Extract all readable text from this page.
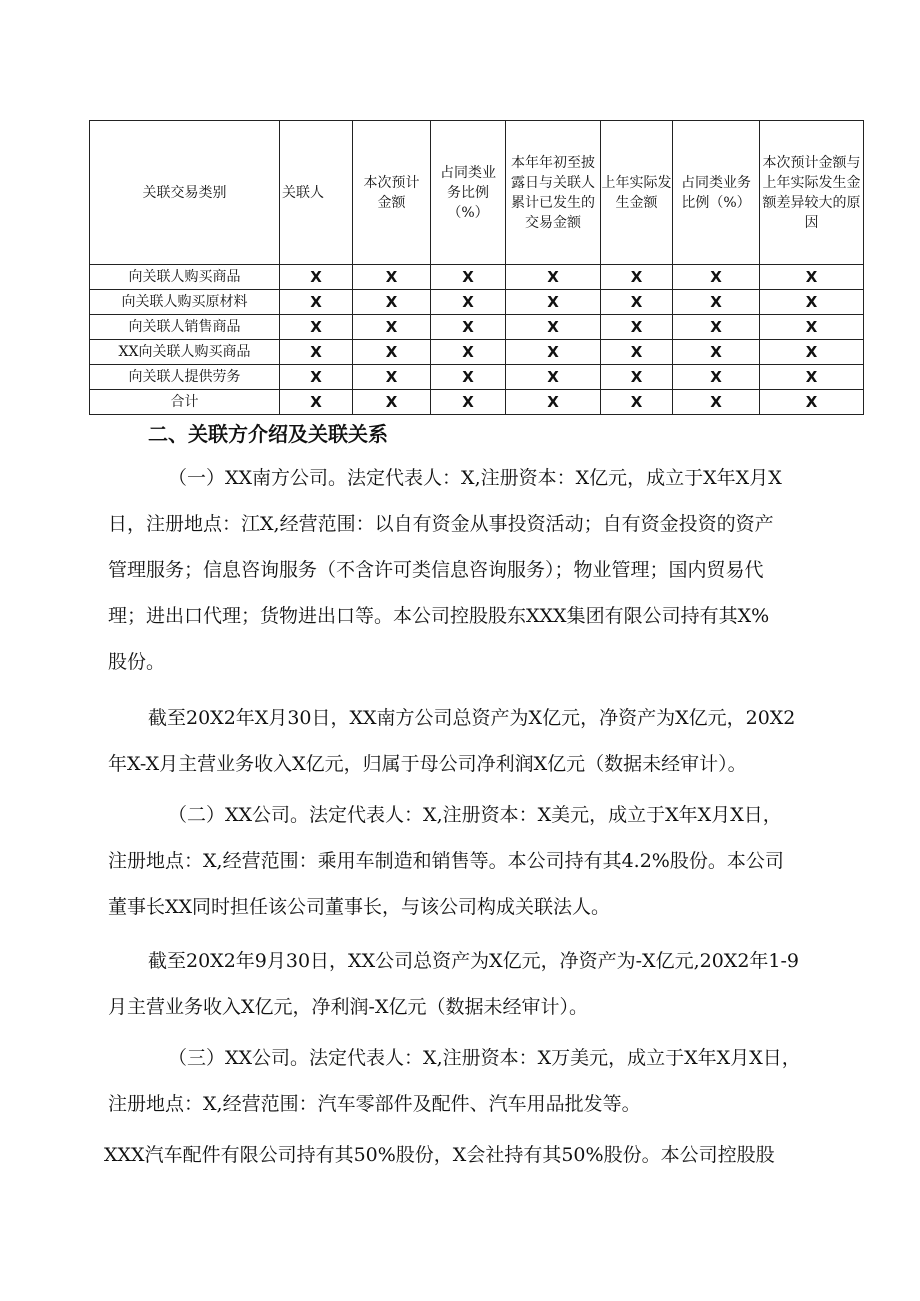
关联交易类别	关联人	本次预计金额	占同类业务比例（%）	本年年初至披露日与关联人累计已发生的交易金额	上年实际发生金额	占同类业务比例（%）	本次预计金额与上年实际发生金额差异较大的原因
向关联人购买商品	X	X	X	X	X	X	X
向关联人购买原材料	X	X	X	X	X	X	X
向关联人销售商品	X	X	X	X	X	X	X
XX向关联人购买商品	X	X	X	X	X	X	X
向关联人提供劳务	X	X	X	X	X	X	X
合计	X	X	X	X	X	X	X
二、关联方介绍及关联关系
（一）XX南方公司。法定代表人：X,注册资本：X亿元，成立于X年X月X
日，注册地点：江X,经营范围：以自有资金从事投资活动；自有资金投资的资产
管理服务；信息咨询服务（不含许可类信息咨询服务）；物业管理；国内贸易代
理；进出口代理；货物进出口等。本公司控股股东XXX集团有限公司持有其X%
股份。
截至20X2年X月30日，XX南方公司总资产为X亿元，净资产为X亿元，20X2
年X-X月主营业务收入X亿元，归属于母公司净利润X亿元（数据未经审计）。
（二）XX公司。法定代表人：X,注册资本：X美元，成立于X年X月X日，
注册地点：X,经营范围：乘用车制造和销售等。本公司持有其4.2%股份。本公司
董事长XX同时担任该公司董事长，与该公司构成关联法人。
截至20X2年9月30日，XX公司总资产为X亿元，净资产为-X亿元,20X2年1-9
月主营业务收入X亿元，净利润-X亿元（数据未经审计）。
（三）XX公司。法定代表人：X,注册资本：X万美元，成立于X年X月X日，
注册地点：X,经营范围：汽车零部件及配件、汽车用品批发等。
XXX汽车配件有限公司持有其50%股份，X会社持有其50%股份。本公司控股股
